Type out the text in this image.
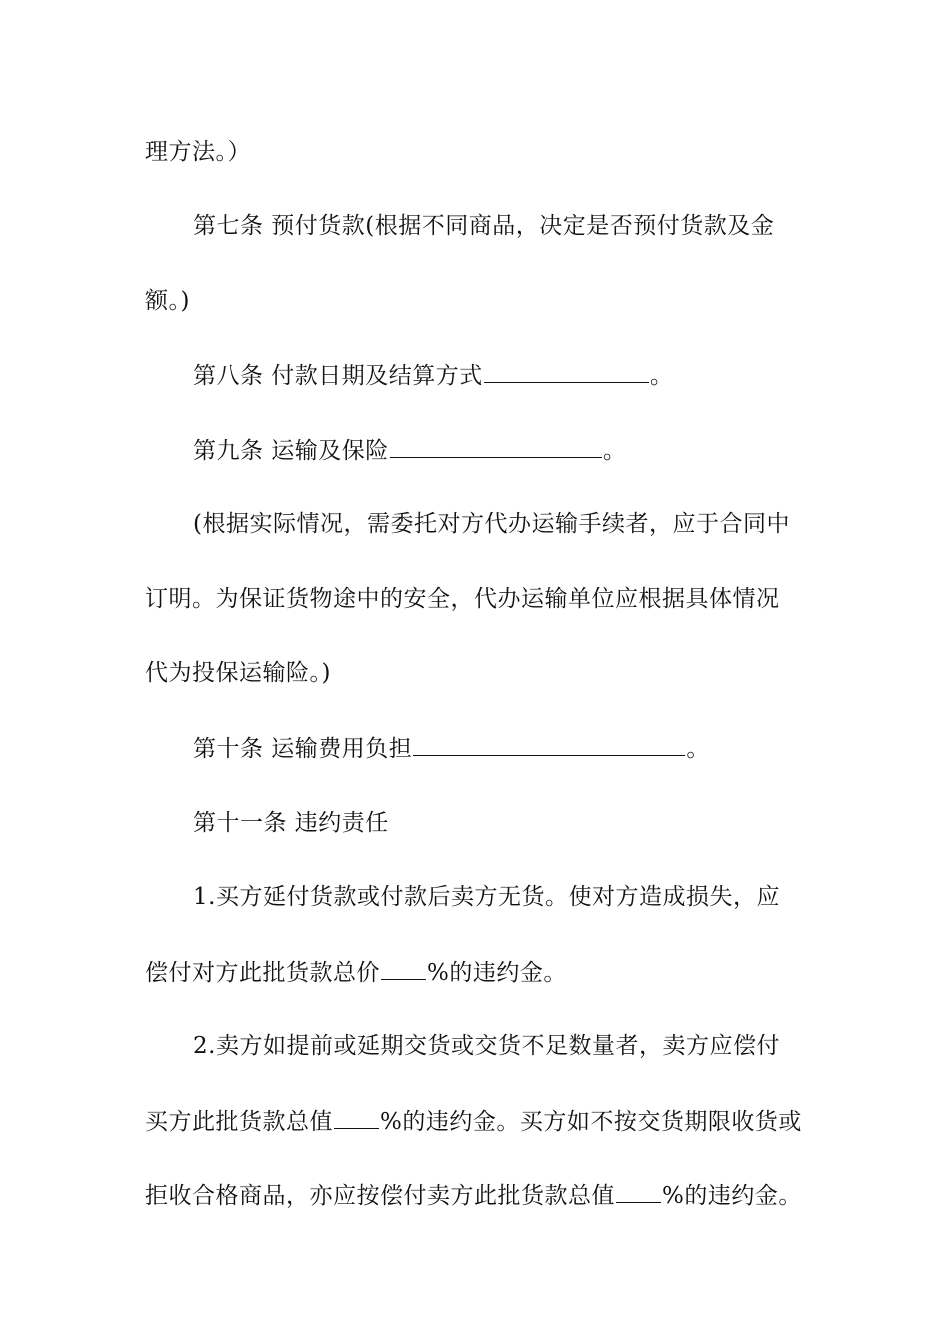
理方法。）
第七条 预付货款(根据不同商品，决定是否预付货款及金
额。)
第八条 付款日期及结算方式	。
第九条 运输及保险	。
(根据实际情况，需委托对方代办运输手续者，应于合同中
订明。为保证货物途中的安全，代办运输单位应根据具体情况
代为投保运输险。)
第十条 运输费用负担	。
第十一条 违约责任
1.买方延付货款或付款后卖方无货。使对方造成损失，应
偿付对方此批货款总价 %的违约金。
2.卖方如提前或延期交货或交货不足数量者，卖方应偿付
买方此批货款总值 %的违约金。买方如不按交货期限收货或
拒收合格商品，亦应按偿付卖方此批货款总值 %的违约金。
